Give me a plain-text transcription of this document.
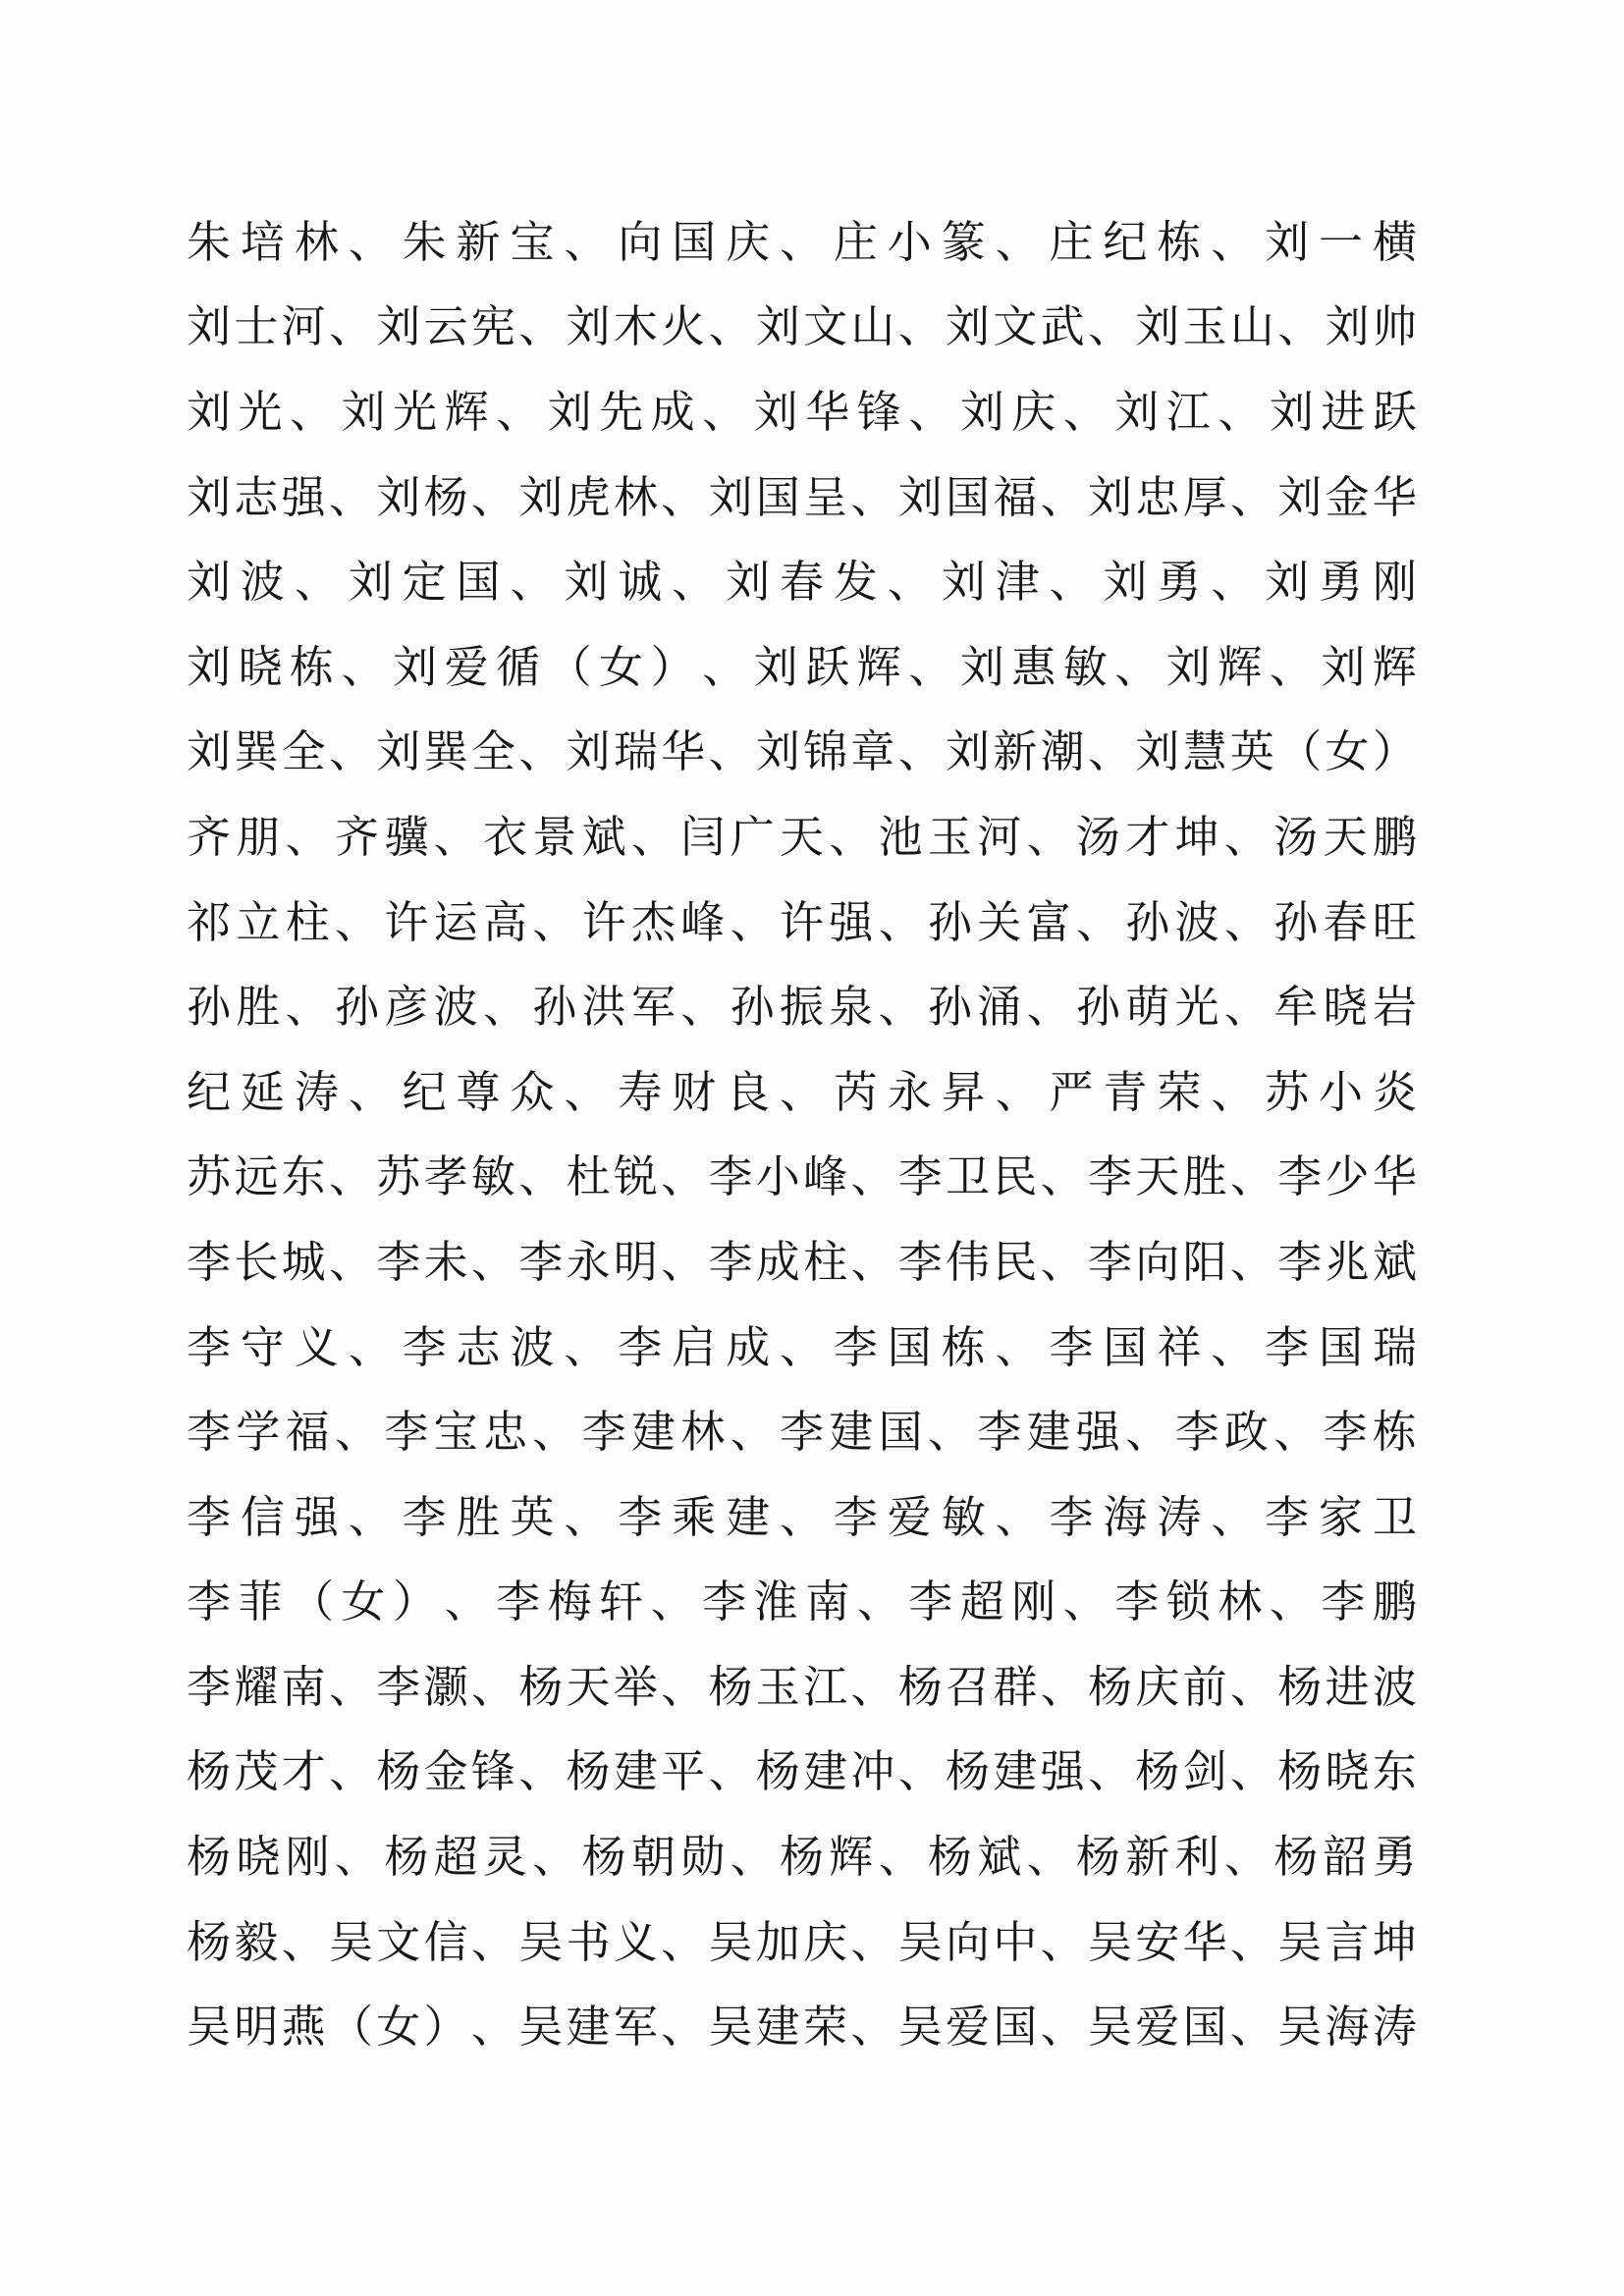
朱 培 林 、 朱 新 宝 、 向 国 庆 、 庄 小 篆 、 庄 纪 栋 、 刘 一 横
刘 士 河 、 刘 云 宪 、 刘 木 火 、 刘 文 山 、 刘 文 武 、 刘 玉 山 、 刘 帅
刘 光 、 刘 光 辉 、 刘 先 成 、 刘 华 锋 、 刘 庆 、 刘 江 、 刘 进 跃
刘 志 强 、 刘 杨 、 刘 虎 林 、 刘 国 呈 、 刘 国 福 、 刘 忠 厚 、 刘 金 华
刘 波 、 刘 定 国 、 刘 诚 、 刘 春 发 、 刘 津 、 刘 勇 、 刘 勇 刚
刘 晓 栋 、 刘 爱 循 （ 女 ） 、 刘 跃 辉 、 刘 惠 敏 、 刘 辉 、 刘 辉
刘 巽 全 、 刘 巽 全 、 刘 瑞 华 、 刘 锦 章 、 刘 新 潮 、 刘 慧 英 （ 女 ）
齐 朋 、 齐 骥 、 衣 景 斌 、 闫 广 天 、 池 玉 河 、 汤 才 坤 、 汤 天 鹏
祁 立 柱 、 许 运 高 、 许 杰 峰 、 许 强 、 孙 关 富 、 孙 波 、 孙 春 旺
孙 胜 、 孙 彦 波 、 孙 洪 军 、 孙 振 泉 、 孙 涌 、 孙 萌 光 、 牟 晓 岩
纪 延 涛 、 纪 尊 众 、 寿 财 良 、 芮 永 昇 、 严 青 荣 、 苏 小 炎
苏 远 东 、 苏 孝 敏 、 杜 锐 、 李 小 峰 、 李 卫 民 、 李 天 胜 、 李 少 华
李 长 城 、 李 未 、 李 永 明 、 李 成 柱 、 李 伟 民 、 李 向 阳 、 李 兆 斌
李 守 义 、 李 志 波 、 李 启 成 、 李 国 栋 、 李 国 祥 、 李 国 瑞
李 学 福 、 李 宝 忠 、 李 建 林 、 李 建 国 、 李 建 强 、 李 政 、 李 栋
李 信 强 、 李 胜 英 、 李 乘 建 、 李 爱 敏 、 李 海 涛 、 李 家 卫
李 菲 （ 女 ） 、 李 梅 轩 、 李 淮 南 、 李 超 刚 、 李 锁 林 、 李 鹏
李 耀 南 、 李 灏 、 杨 天 举 、 杨 玉 江 、 杨 召 群 、 杨 庆 前 、 杨 进 波
杨 茂 才 、 杨 金 锋 、 杨 建 平 、 杨 建 冲 、 杨 建 强 、 杨 剑 、 杨 晓 东
杨 晓 刚 、 杨 超 灵 、 杨 朝 勋 、 杨 辉 、 杨 斌 、 杨 新 利 、 杨 韶 勇
杨 毅 、 吴 文 信 、 吴 书 义 、 吴 加 庆 、 吴 向 中 、 吴 安 华 、 吴 言 坤
吴 明 燕 （ 女 ） 、 吴 建 军 、 吴 建 荣 、 吴 爱 国 、 吴 爱 国 、 吴 海 涛
